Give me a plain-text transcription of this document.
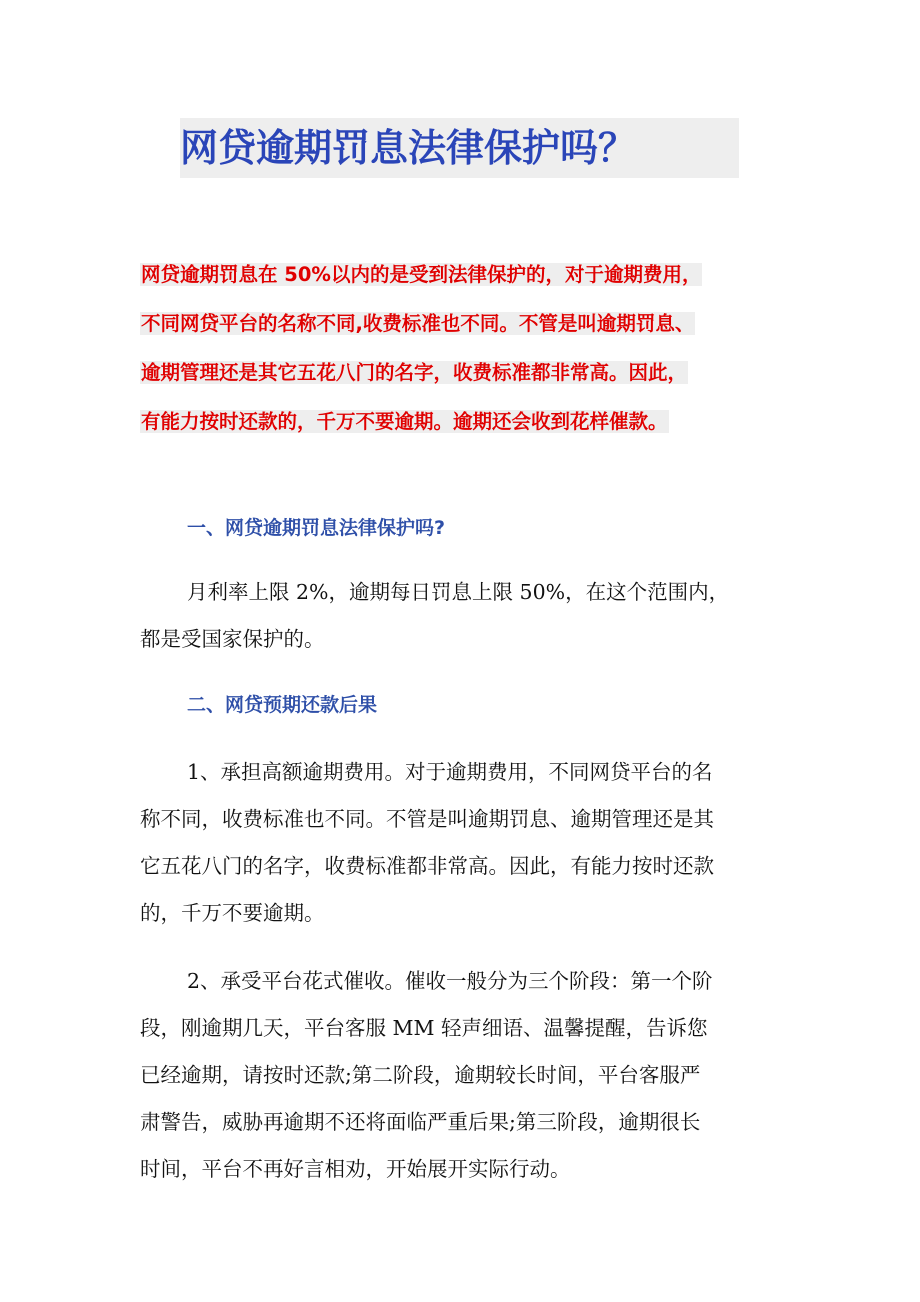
网贷逾期罚息法律保护吗？
网贷逾期罚息在 50%以内的是受到法律保护的，对于逾期费用，
不同网贷平台的名称不同,收费标准也不同。不管是叫逾期罚息、
逾期管理还是其它五花八门的名字，收费标准都非常高。因此，
有能力按时还款的，千万不要逾期。逾期还会收到花样催款。
一、网贷逾期罚息法律保护吗?
月利率上限 2%，逾期每日罚息上限 50%，在这个范围内，
都是受国家保护的。
二、网贷预期还款后果
1、承担高额逾期费用。对于逾期费用，不同网贷平台的名
称不同，收费标准也不同。不管是叫逾期罚息、逾期管理还是其
它五花八门的名字，收费标准都非常高。因此，有能力按时还款
的，千万不要逾期。
2、承受平台花式催收。催收一般分为三个阶段：第一个阶
段，刚逾期几天，平台客服 MM 轻声细语、温馨提醒，告诉您
已经逾期，请按时还款;第二阶段，逾期较长时间，平台客服严
肃警告，威胁再逾期不还将面临严重后果;第三阶段，逾期很长
时间，平台不再好言相劝，开始展开实际行动。
